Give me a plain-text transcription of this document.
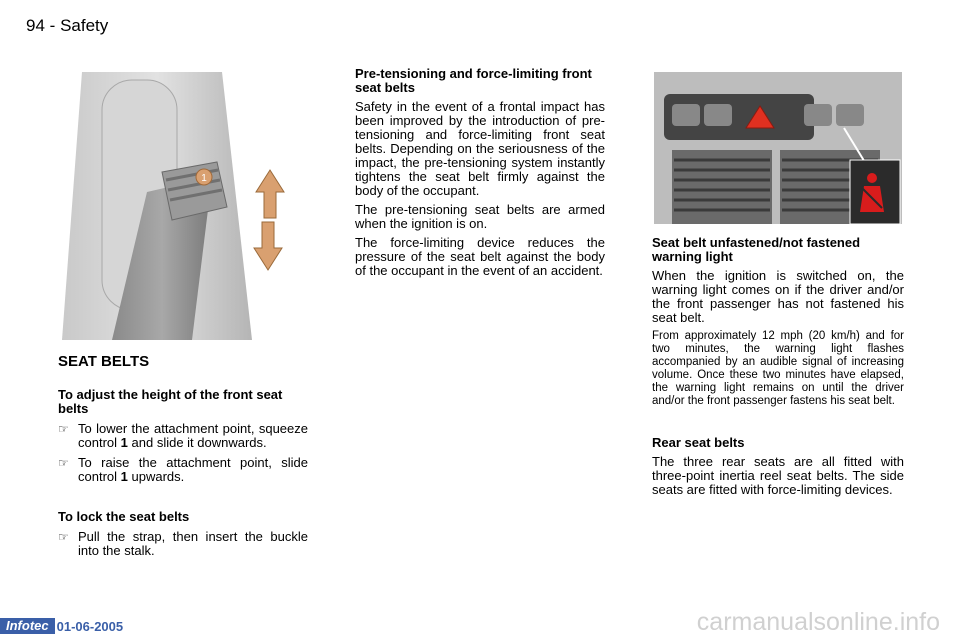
94 - Safety
1
SEAT BELTS
To adjust the height of the front seat belts
☞ To lower the attachment point, squeeze control 1 and slide it downwards.
☞ To raise the attachment point, slide control 1 upwards.
To lock the seat belts
☞ Pull the strap, then insert the buckle into the stalk.
Pre-tensioning and force-limiting front seat belts

Safety in the event of a frontal impact has been improved by the introduction of pre-tensioning and force-limiting front seat belts. Depending on the seriousness of the impact, the pre-tensioning system instantly tightens the seat belt firmly against the body of the occupant.

The pre-tensioning seat belts are armed when the ignition is on.

The force-limiting device reduces the pressure of the seat belt against the body of the occupant in the event of an accident.

Seat belt unfastened/not fastened warning light

When the ignition is switched on, the warning light comes on if the driver and/or the front passenger has not fastened his seat belt.

From approximately 12 mph (20 km/h) and for two minutes, the warning light flashes accompanied by an audible signal of increasing volume. Once these two minutes have elapsed, the warning light remains on until the driver and/or the front passenger fastens his seat belt.

Rear seat belts

The three rear seats are all fitted with three-point inertia reel seat belts. The side seats are fitted with force-limiting devices.

Infotec 01-06-2005	carmanualsonline.info
